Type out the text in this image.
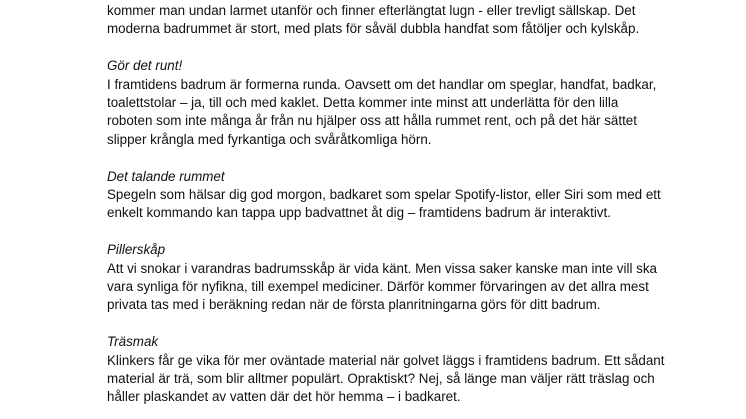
kommer man undan larmet utanför och finner efterlängtat lugn - eller trevligt sällskap. Det

moderna badrummet är stort, med plats för såväl dubbla handfat som fåtöljer och kylskåp.

Gör det runt!

I framtidens badrum är formerna runda. Oavsett om det handlar om speglar, handfat, badkar,

toalettstolar – ja, till och med kaklet. Detta kommer inte minst att underlätta för den lilla

roboten som inte många år från nu hjälper oss att hålla rummet rent, och på det här sättet

slipper krångla med fyrkantiga och svåråtkomliga hörn.

Det talande rummet

Spegeln som hälsar dig god morgon, badkaret som spelar Spotify-listor, eller Siri som med ett

enkelt kommando kan tappa upp badvattnet åt dig – framtidens badrum är interaktivt.

Pillerskåp

Att vi snokar i varandras badrumsskåp är vida känt. Men vissa saker kanske man inte vill ska

vara synliga för nyfikna, till exempel mediciner. Därför kommer förvaringen av det allra mest

privata tas med i beräkning redan när de första planritningarna görs för ditt badrum.

Träsmak

Klinkers får ge vika för mer oväntade material när golvet läggs i framtidens badrum. Ett sådant

material är trä, som blir alltmer populärt. Opraktiskt? Nej, så länge man väljer rätt träslag och

håller plaskandet av vatten där det hör hemma – i badkaret.
